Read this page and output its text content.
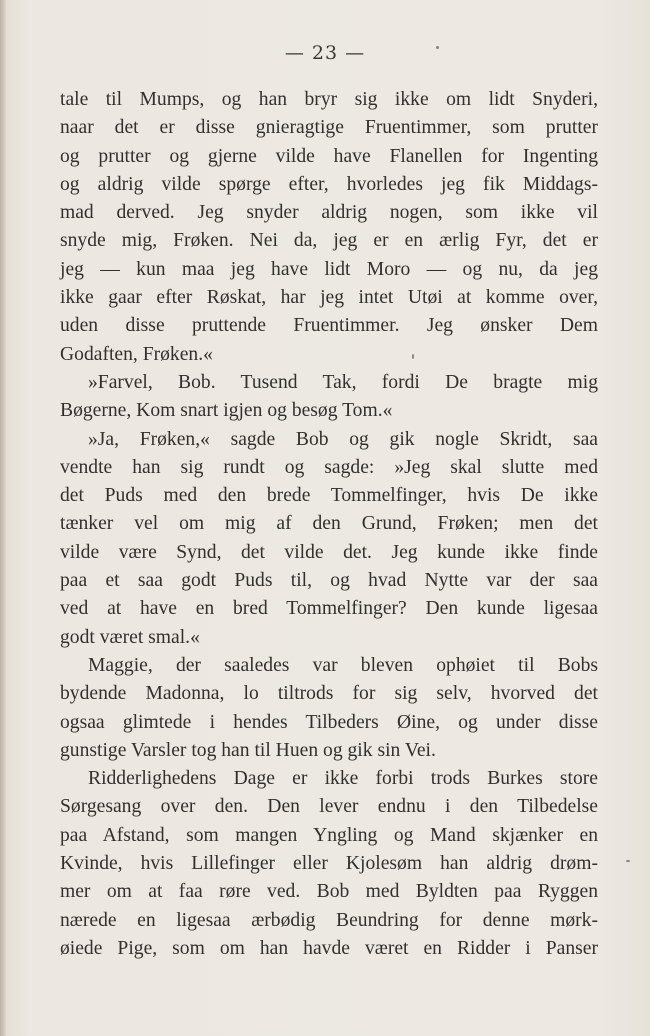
— 23 —
tale til Mumps, og han bryr sig ikke om lidt Snyderi,
naar det er disse gnieragtige Fruentimmer, som prutter
og prutter og gjerne vilde have Flanellen for Ingenting
og aldrig vilde spørge efter, hvorledes jeg fik Middags-
mad derved. Jeg snyder aldrig nogen, som ikke vil
snyde mig, Frøken. Nei da, jeg er en ærlig Fyr, det er
jeg — kun maa jeg have lidt Moro — og nu, da jeg
ikke gaar efter Røskat, har jeg intet Utøi at komme over,
uden disse pruttende Fruentimmer. Jeg ønsker Dem
Godaften, Frøken.«
»Farvel, Bob. Tusend Tak, fordi De bragte mig
Bøgerne, Kom snart igjen og besøg Tom.«
»Ja, Frøken,« sagde Bob og gik nogle Skridt, saa
vendte han sig rundt og sagde: »Jeg skal slutte med
det Puds med den brede Tommelfinger, hvis De ikke
tænker vel om mig af den Grund, Frøken; men det
vilde være Synd, det vilde det. Jeg kunde ikke finde
paa et saa godt Puds til, og hvad Nytte var der saa
ved at have en bred Tommelfinger? Den kunde ligesaa
godt været smal.«
Maggie, der saaledes var bleven ophøiet til Bobs
bydende Madonna, lo tiltrods for sig selv, hvorved det
ogsaa glimtede i hendes Tilbeders Øine, og under disse
gunstige Varsler tog han til Huen og gik sin Vei.
Ridderlighedens Dage er ikke forbi trods Burkes store
Sørgesang over den. Den lever endnu i den Tilbedelse
paa Afstand, som mangen Yngling og Mand skjænker en
Kvinde, hvis Lillefinger eller Kjolesøm han aldrig drøm-
mer om at faa røre ved. Bob med Byldten paa Ryggen
nærede en ligesaa ærbødig Beundring for denne mørk-
øiede Pige, som om han havde været en Ridder i Panser
